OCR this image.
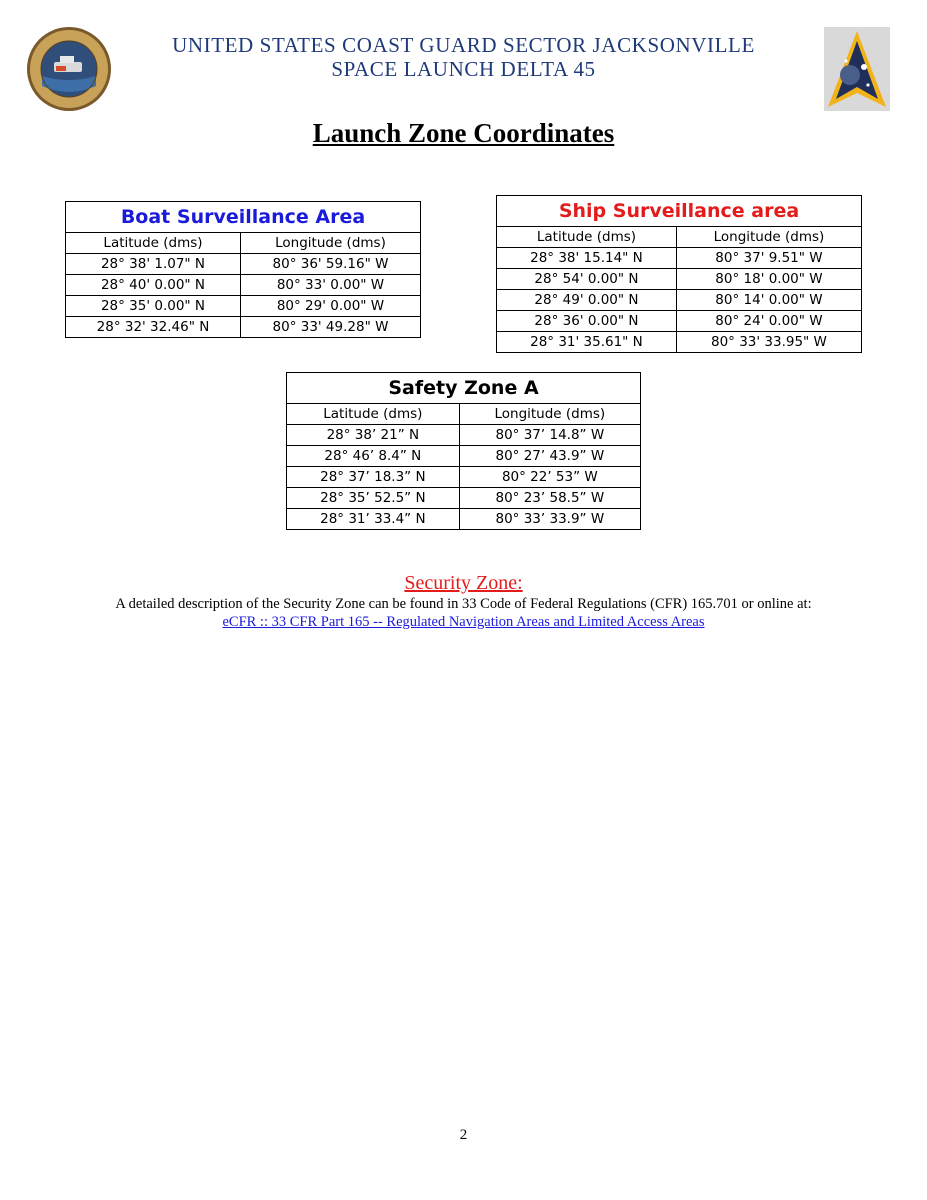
UNITED STATES COAST GUARD SECTOR JACKSONVILLE
SPACE LAUNCH DELTA 45
Launch Zone Coordinates
Boat Surveillance Area	
Latitude (dms)	Longitude (dms)
28° 38' 1.07" N	80° 36' 59.16" W
28° 40' 0.00" N	80° 33' 0.00" W
28° 35' 0.00" N	80° 29' 0.00" W
28° 32' 32.46" N	80° 33' 49.28" W
Ship Surveillance area	
Latitude (dms)	Longitude (dms)
28° 38' 15.14" N	80° 37' 9.51" W
28° 54' 0.00" N	80° 18' 0.00" W
28° 49' 0.00" N	80° 14' 0.00" W
28° 36' 0.00" N	80° 24' 0.00" W
28° 31' 35.61" N	80° 33' 33.95" W
Safety Zone A	
Latitude (dms)	Longitude (dms)
28° 38’ 21” N	80° 37’ 14.8” W
28° 46’ 8.4” N	80° 27’ 43.9” W
28° 37’ 18.3” N	80° 22’ 53” W
28° 35’ 52.5” N	80° 23’ 58.5” W
28° 31’ 33.4” N	80° 33’ 33.9” W
Security Zone:
A detailed description of the Security Zone can be found in 33 Code of Federal Regulations (CFR) 165.701 or online at:
eCFR :: 33 CFR Part 165 -- Regulated Navigation Areas and Limited Access Areas
2
